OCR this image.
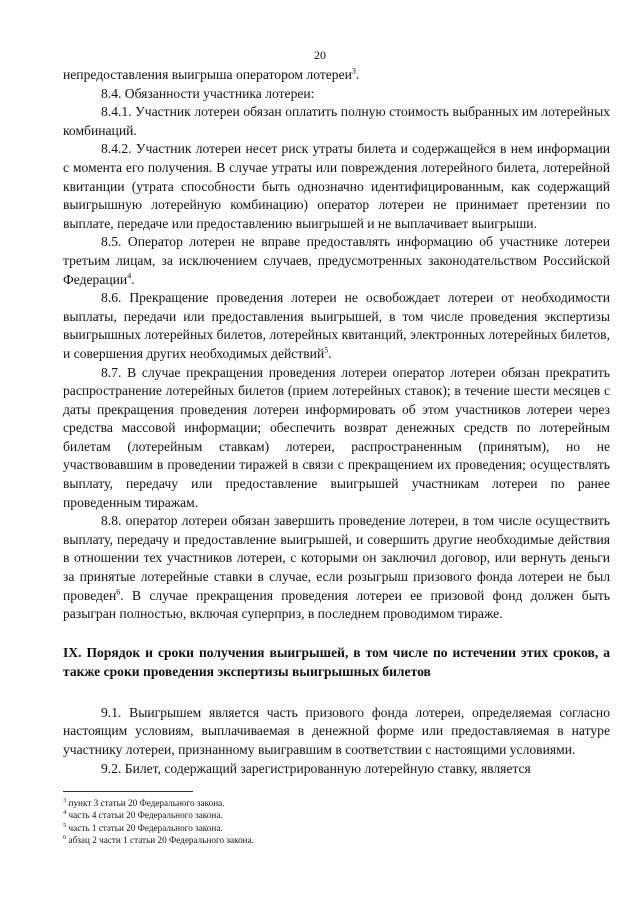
20

непредоставления выигрыша оператором лотереи$^3$.

8.4. Обязанности участника лотереи:

8.4.1. Участник лотереи обязан оплатить полную стоимость выбранных им лотерейных комбинаций.

8.4.2. Участник лотереи несет риск утраты билета и содержащейся в нем информации с момента его получения. В случае утраты или повреждения лотерейного билета, лотерейной квитанции (утрата способности быть однозначно идентифицированным, как содержащий выигрышную лотерейную комбинацию) оператор лотереи не принимает претензии по выплате, передаче или предоставлению выигрышей и не выплачивает выигрыши.

8.5. Оператор лотереи не вправе предоставлять информацию об участнике лотереи третьим лицам, за исключением случаев, предусмотренных законодательством Российской Федерации$^4$.

8.6. Прекращение проведения лотереи не освобождает лотереи от необходимости выплаты, передачи или предоставления выигрышей, в том числе проведения экспертизы выигрышных лотерейных билетов, лотерейных квитанций, электронных лотерейных билетов, и совершения других необходимых действий$^5$.

8.7. В случае прекращения проведения лотереи оператор лотереи обязан прекратить распространение лотерейных билетов (прием лотерейных ставок); в течение шести месяцев с даты прекращения проведения лотереи информировать об этом участников лотереи через средства массовой информации; обеспечить возврат денежных средств по лотерейным билетам (лотерейным ставкам) лотереи, распространенным (принятым), но не участвовавшим в проведении тиражей в связи с прекращением их проведения; осуществлять выплату, передачу или предоставление выигрышей участникам лотереи по ранее проведенным тиражам.

8.8. оператор лотереи обязан завершить проведение лотереи, в том числе осуществить выплату, передачу и предоставление выигрышей, и совершить другие необходимые действия в отношении тех участников лотереи, с которыми он заключил договор, или вернуть деньги за принятые лотерейные ставки в случае, если розыгрыш призового фонда лотереи не был проведен$^6$. В случае прекращения проведения лотереи ее призовой фонд должен быть разыгран полностью, включая суперприз, в последнем проводимом тираже.

IX. Порядок и сроки получения выигрышей, в том числе по истечении этих сроков, а также сроки проведения экспертизы выигрышных билетов

9.1. Выигрышем является часть призового фонда лотереи, определяемая согласно настоящим условиям, выплачиваемая в денежной форме или предоставляемая в натуре участнику лотереи, признанному выигравшим в соответствии с настоящими условиями.

9.2. Билет, содержащий зарегистрированную лотерейную ставку, является

$^3$ пункт 3 статьи 20 Федерального закона.
$^4$ часть 4 статьи 20 Федерального закона.
$^5$ часть 1 статьи 20 Федерального закона.
$^6$ абзац 2 части 1 статьи 20 Федерального закона.
